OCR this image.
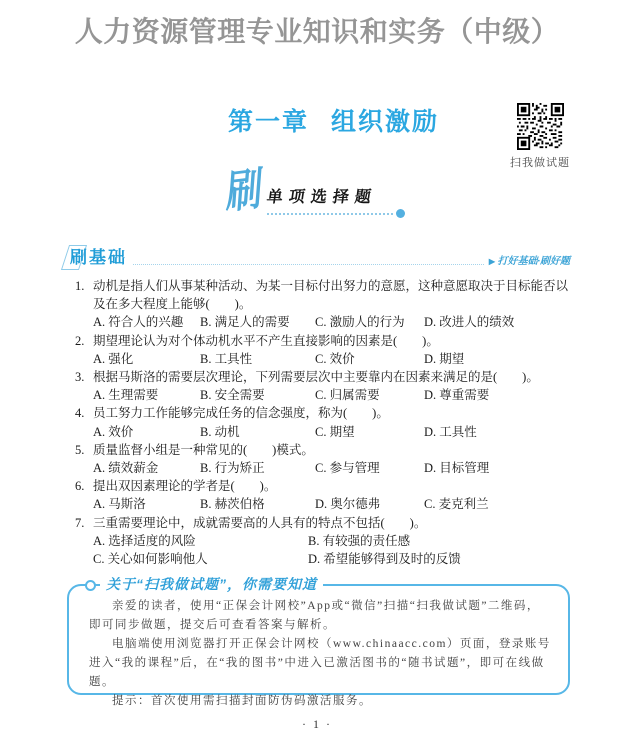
人力资源管理专业知识和实务（中级）
第一章 组织激励
扫我做试题
刷 单项选择题
刷基础	▶ 打好基础·刷好题
1. 动机是指人们从事某种活动、为某一目标付出努力的意愿，这种意愿取决于目标能否以
及在多大程度上能够(　　)。
A. 符合人的兴趣	B. 满足人的需要	C. 激励人的行为	D. 改进人的绩效
2. 期望理论认为对个体动机水平不产生直接影响的因素是(　　)。
A. 强化	B. 工具性	C. 效价	D. 期望
3. 根据马斯洛的需要层次理论，下列需要层次中主要靠内在因素来满足的是(　　)。
A. 生理需要	B. 安全需要	C. 归属需要	D. 尊重需要
4. 员工努力工作能够完成任务的信念强度，称为(　　)。
A. 效价	B. 动机	C. 期望	D. 工具性
5. 质量监督小组是一种常见的(　　)模式。
A. 绩效薪金	B. 行为矫正	C. 参与管理	D. 目标管理
6. 提出双因素理论的学者是(　　)。
A. 马斯洛	B. 赫茨伯格	D. 奥尔德弗	C. 麦克利兰
7. 三重需要理论中，成就需要高的人具有的特点不包括(　　)。
A. 选择适度的风险	B. 有较强的责任感
C. 关心如何影响他人	D. 希望能够得到及时的反馈
关于“扫我做试题”，你需要知道

亲爱的读者，使用“正保会计网校”App或“微信”扫描“扫我做试题”二维码，即可同步做题，提交后可查看答案与解析。

电脑端使用浏览器打开正保会计网校（www.chinaacc.com）页面，登录账号进入“我的课程”后，在“我的图书”中进入已激活图书的“随书试题”，即可在线做题。

提示：首次使用需扫描封面防伪码激活服务。

· 1 ·
